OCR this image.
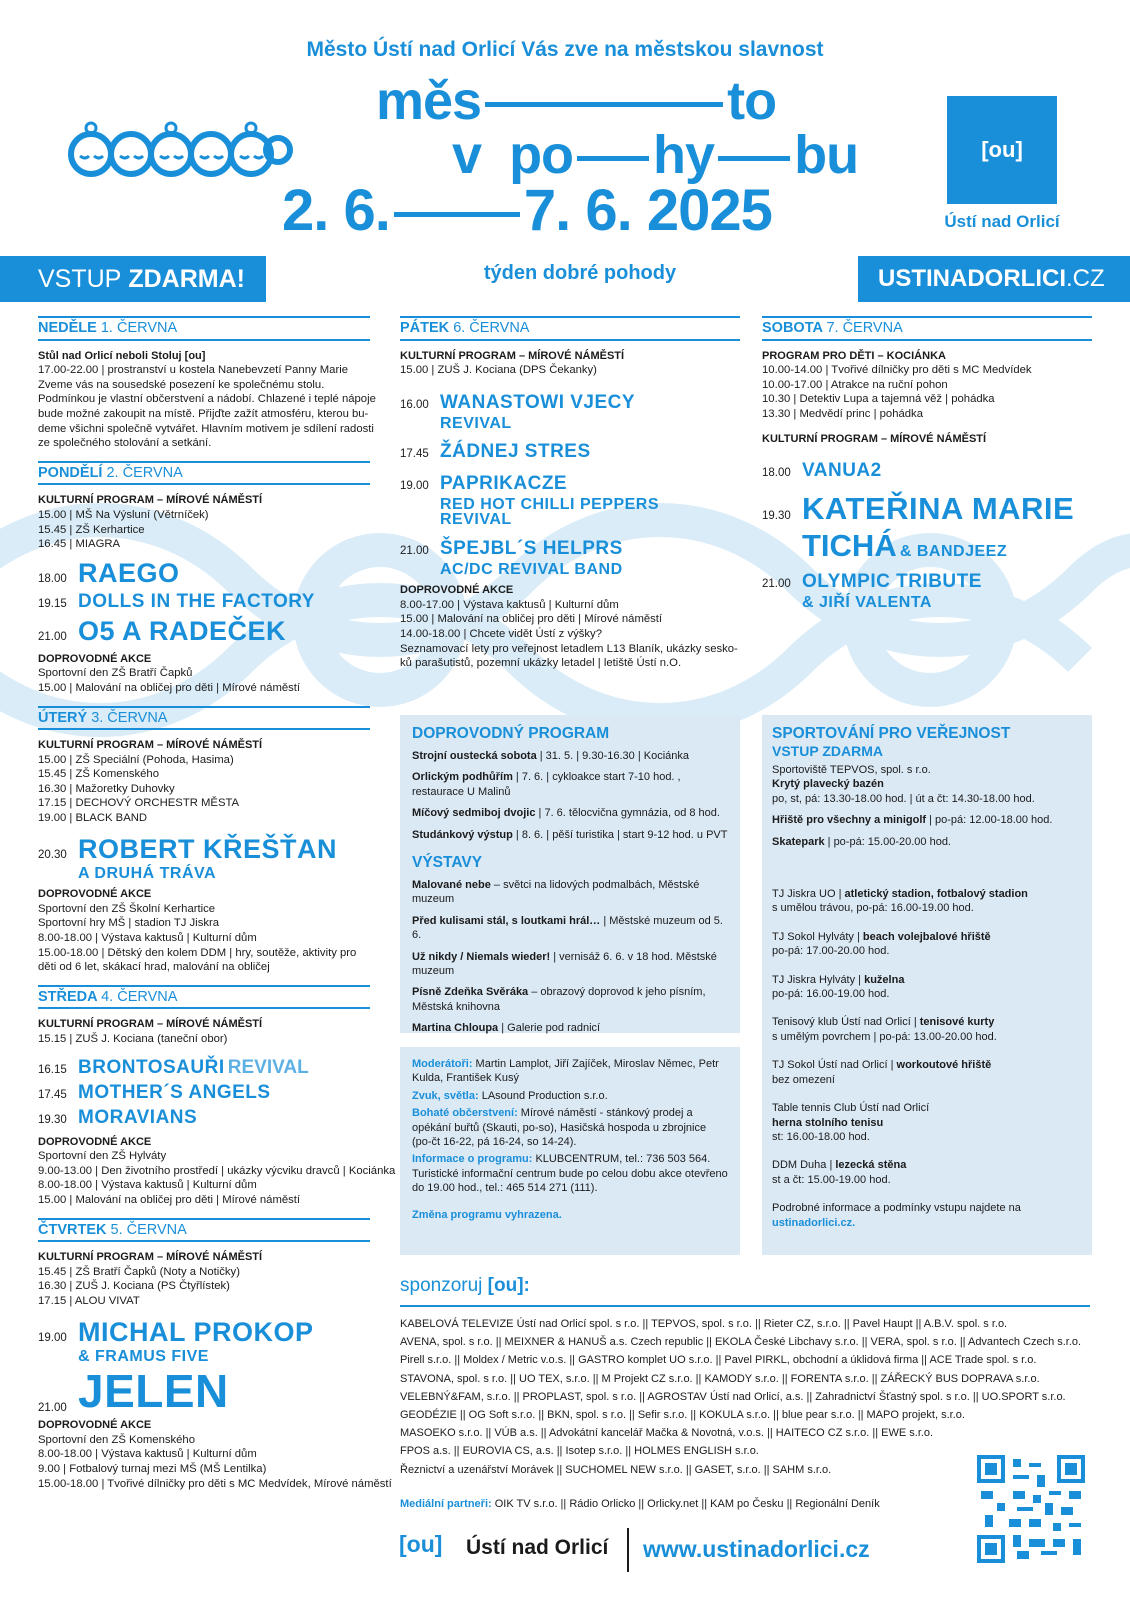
Město Ústí nad Orlicí Vás zve na městskou slavnost
měs	to
v po hy bu
2. 6. 7. 6. 2025
[ou]
Ústí nad Orlicí
VSTUP
ZDARMA!	týden dobré pohody	USTINADORLICI .CZ
NEDĚLE 1. ČERVNA
Stůl nad Orlicí neboli Stoluj [ou]
17.00-22.00 | prostranství u kostela Nanebevzetí Panny Marie
Zveme vás na sousedské posezení ke společnému stolu.
Podmínkou je vlastní občerstvení a nádobí. Chlazené i teplé nápoje
bude možné zakoupit na místě. Přijďte zažít atmosféru, kterou bu-
deme všichni společně vytvářet. Hlavním motivem je sdílení radosti
ze společného stolování a setkání.
PONDĚLÍ 2. ČERVNA
KULTURNÍ PROGRAM – MÍROVÉ NÁMĚSTÍ
15.00 | MŠ Na Výsluní (Větrníček)
15.45 | ZŠ Kerhartice
16.45 | MIAGRA
18.00 RAEGO
19.15 DOLLS IN THE FACTORY
21.00 O5 A RADEČEK
DOPROVODNÉ AKCE
Sportovní den ZŠ Bratří Čapků
15.00 | Malování na obličej pro děti | Mírové náměstí
ÚTERÝ 3. ČERVNA
KULTURNÍ PROGRAM – MÍROVÉ NÁMĚSTÍ
15.00 | ZŠ Speciální (Pohoda, Hasima)
15.45 | ZŠ Komenského
16.30 | Mažoretky Duhovky
17.15 | DECHOVÝ ORCHESTR MĚSTA
19.00 | BLACK BAND
20.30 ROBERT KŘEŠŤAN
A DRUHÁ TRÁVA
DOPROVODNÉ AKCE
Sportovní den ZŠ Školní Kerhartice
Sportovní hry MŠ | stadion TJ Jiskra
8.00-18.00 | Výstava kaktusů | Kulturní dům
15.00-18.00 | Dětský den kolem DDM | hry, soutěže, aktivity pro
děti od 6 let, skákací hrad, malování na obličej
STŘEDA 4. ČERVNA
KULTURNÍ PROGRAM – MÍROVÉ NÁMĚSTÍ
15.15 | ZUŠ J. Kociana (taneční obor)
16.15 BRONTOSAUŘI
REVIVAL
17.45 MOTHER´S ANGELS
19.30 MORAVIANS
DOPROVODNÉ AKCE
Sportovní den ZŠ Hylváty
9.00-13.00 | Den životního prostředí | ukázky výcviku dravců | Kociánka
8.00-18.00 | Výstava kaktusů | Kulturní dům
15.00 | Malování na obličej pro děti | Mírové náměstí
ČTVRTEK 5. ČERVNA
KULTURNÍ PROGRAM – MÍROVÉ NÁMĚSTÍ
15.45 | ZŠ Bratří Čapků (Noty a Notičky)
16.30 | ZUŠ J. Kociana (PS Čtyřlístek)
17.15 | ALOU VIVAT
19.00 MICHAL PROKOP
& FRAMUS FIVE
21.00 JELEN
DOPROVODNÉ AKCE
Sportovní den ZŠ Komenského
8.00-18.00 | Výstava kaktusů | Kulturní dům
9.00 | Fotbalový turnaj mezi MŠ (MŠ Lentilka)
15.00-18.00 | Tvořivé dílničky pro děti s MC Medvídek, Mírové náměstí
PÁTEK 6. ČERVNA
KULTURNÍ PROGRAM – MÍROVÉ NÁMĚSTÍ
15.00 | ZUŠ J. Kociana (DPS Čekanky)
16.00 WANASTOWI VJECY
REVIVAL
17.45 ŽÁDNEJ STRES
19.00 PAPRIKACZE
RED HOT CHILLI PEPPERS
REVIVAL
21.00 ŠPEJBL´S HELPRS
AC/DC REVIVAL BAND
DOPROVODNÉ AKCE
8.00-17.00 | Výstava kaktusů | Kulturní dům
15.00 | Malování na obličej pro děti | Mírové náměstí
14.00-18.00 | Chcete vidět Ústí z výšky?
Seznamovací lety pro veřejnost letadlem L13 Blaník, ukázky sesko-
ků parašutistů, pozemní ukázky letadel | letiště Ústí n.O.
SOBOTA 7. ČERVNA
PROGRAM PRO DĚTI – KOCIÁNKA
10.00-14.00 | Tvořivé dílničky pro děti s MC Medvídek
10.00-17.00 | Atrakce na ruční pohon
10.30 | Detektiv Lupa a tajemná věž | pohádka
13.30 | Medvědí princ | pohádka
KULTURNÍ PROGRAM – MÍROVÉ NÁMĚSTÍ
18.00 VANUA2
19.30 KATEŘINA MARIE
TICHÁ & BANDJEEZ
21.00 OLYMPIC TRIBUTE
& JIŘÍ VALENTA
DOPROVODNÝ PROGRAM
Strojní oustecká sobota | 31. 5. | 9.30-16.30 | Kociánka
Orlickým podhůřím | 7. 6. | cykloakce start 7-10 hod. , restaurace U Malinů
Míčový sedmiboj dvojic | 7. 6. tělocvična gymnázia, od 8 hod.
Studánkový výstup | 8. 6. | pěší turistika | start 9-12 hod. u PVT
VÝSTAVY
Malované nebe – světci na lidových podmalbách, Městské muzeum
Před kulisami stál, s loutkami hrál… | Městské muzeum od 5. 6.
Už nikdy / Niemals wieder! | vernisáž 6. 6. v 18 hod. Městské muzeum
Písně Zdeňka Svěráka – obrazový doprovod k jeho písním, Městská knihovna
Martina Chloupa | Galerie pod radnicí
Moderátoři: Martin Lamplot, Jiří Zajíček, Miroslav Němec, Petr Kulda, František Kusý
Zvuk, světla: LAsound Production s.r.o.
Bohaté občerstvení: Mírové náměstí - stánkový prodej a opékání buřtů (Skauti, po-so), Hasičská hospoda u zbrojnice (po-čt 16-22, pá 16-24, so 14-24).
Informace o programu: KLUBCENTRUM, tel.: 736 503 564. Turistické informační centrum bude po celou dobu akce otevřeno do 19.00 hod., tel.: 465 514 271 (111).
Změna programu vyhrazena.
SPORTOVÁNÍ PRO VEŘEJNOST
VSTUP ZDARMA
Sportoviště TEPVOS, spol. s r.o.
Krytý plavecký bazén
po, st, pá: 13.30-18.00 hod. | út a čt: 14.30-18.00 hod.
Hřiště pro všechny a minigolf | po-pá: 12.00-18.00 hod.
Skatepark | po-pá: 15.00-20.00 hod.
TJ Jiskra UO | atletický stadion, fotbalový stadion
s umělou trávou, po-pá: 16.00-19.00 hod.
TJ Sokol Hylváty | beach volejbalové hřiště
po-pá: 17.00-20.00 hod.
TJ Jiskra Hylváty | kuželna
po-pá: 16.00-19.00 hod.
Tenisový klub Ústí nad Orlicí | tenisové kurty
s umělým povrchem | po-pá: 13.00-20.00 hod.
TJ Sokol Ústí nad Orlicí | workoutové hřiště
bez omezení
Table tennis Club Ústí nad Orlicí
herna stolního tenisu
st: 16.00-18.00 hod.
DDM Duha | lezecká stěna
st a čt: 15.00-19.00 hod.
Podrobné informace a podmínky vstupu najdete na ustinadorlici.cz.
sponzoruj [ou]:
KABELOVÁ TELEVIZE Ústí nad Orlicí spol. s r.o. || TEPVOS, spol. s r.o. || Rieter CZ, s.r.o. || Pavel Haupt || A.B.V. spol. s r.o.
AVENA, spol. s r.o. || MEIXNER & HANUŠ a.s. Czech republic || EKOLA České Libchavy s.r.o. || VERA, spol. s r.o. || Advantech Czech s.r.o.
Pirell s.r.o. || Moldex / Metric v.o.s. || GASTRO komplet UO s.r.o. || Pavel PIRKL, obchodní a úklidová firma || ACE Trade spol. s r.o.
STAVONA, spol. s r.o. || UO TEX, s.r.o. || M Projekt CZ s.r.o. || KAMODY s.r.o. || FORENTA s.r.o. || ZÁŘECKÝ BUS DOPRAVA s.r.o.
VELEBNÝ&FAM, s.r.o. || PROPLAST, spol. s r.o. || AGROSTAV Ústí nad Orlicí, a.s. || Zahradnictví Šťastný spol. s r.o. || UO.SPORT s.r.o.
GEODÉZIE || OG Soft s.r.o. || BKN, spol. s r.o. || Sefir s.r.o. || KOKULA s.r.o. || blue pear s.r.o. || MAPO projekt, s.r.o.
MASOEKO s.r.o. || VÚB a.s. || Advokátní kancelář Mačka & Novotná, v.o.s. || HAITECO CZ s.r.o. || EWE s.r.o.
FPOS a.s. || EUROVIA CS, a.s. || Isotep s.r.o. || HOLMES ENGLISH s.r.o.
Řeznictví a uzenářství Morávek || SUCHOMEL NEW s.r.o. || GASET, s.r.o. || SAHM s.r.o.
Mediální partneři: OIK TV s.r.o. || Rádio Orlicko || Orlicky.net || KAM po Česku || Regionální Deník
[ou] Ústí nad Orlicí www.ustinadorlici.cz
